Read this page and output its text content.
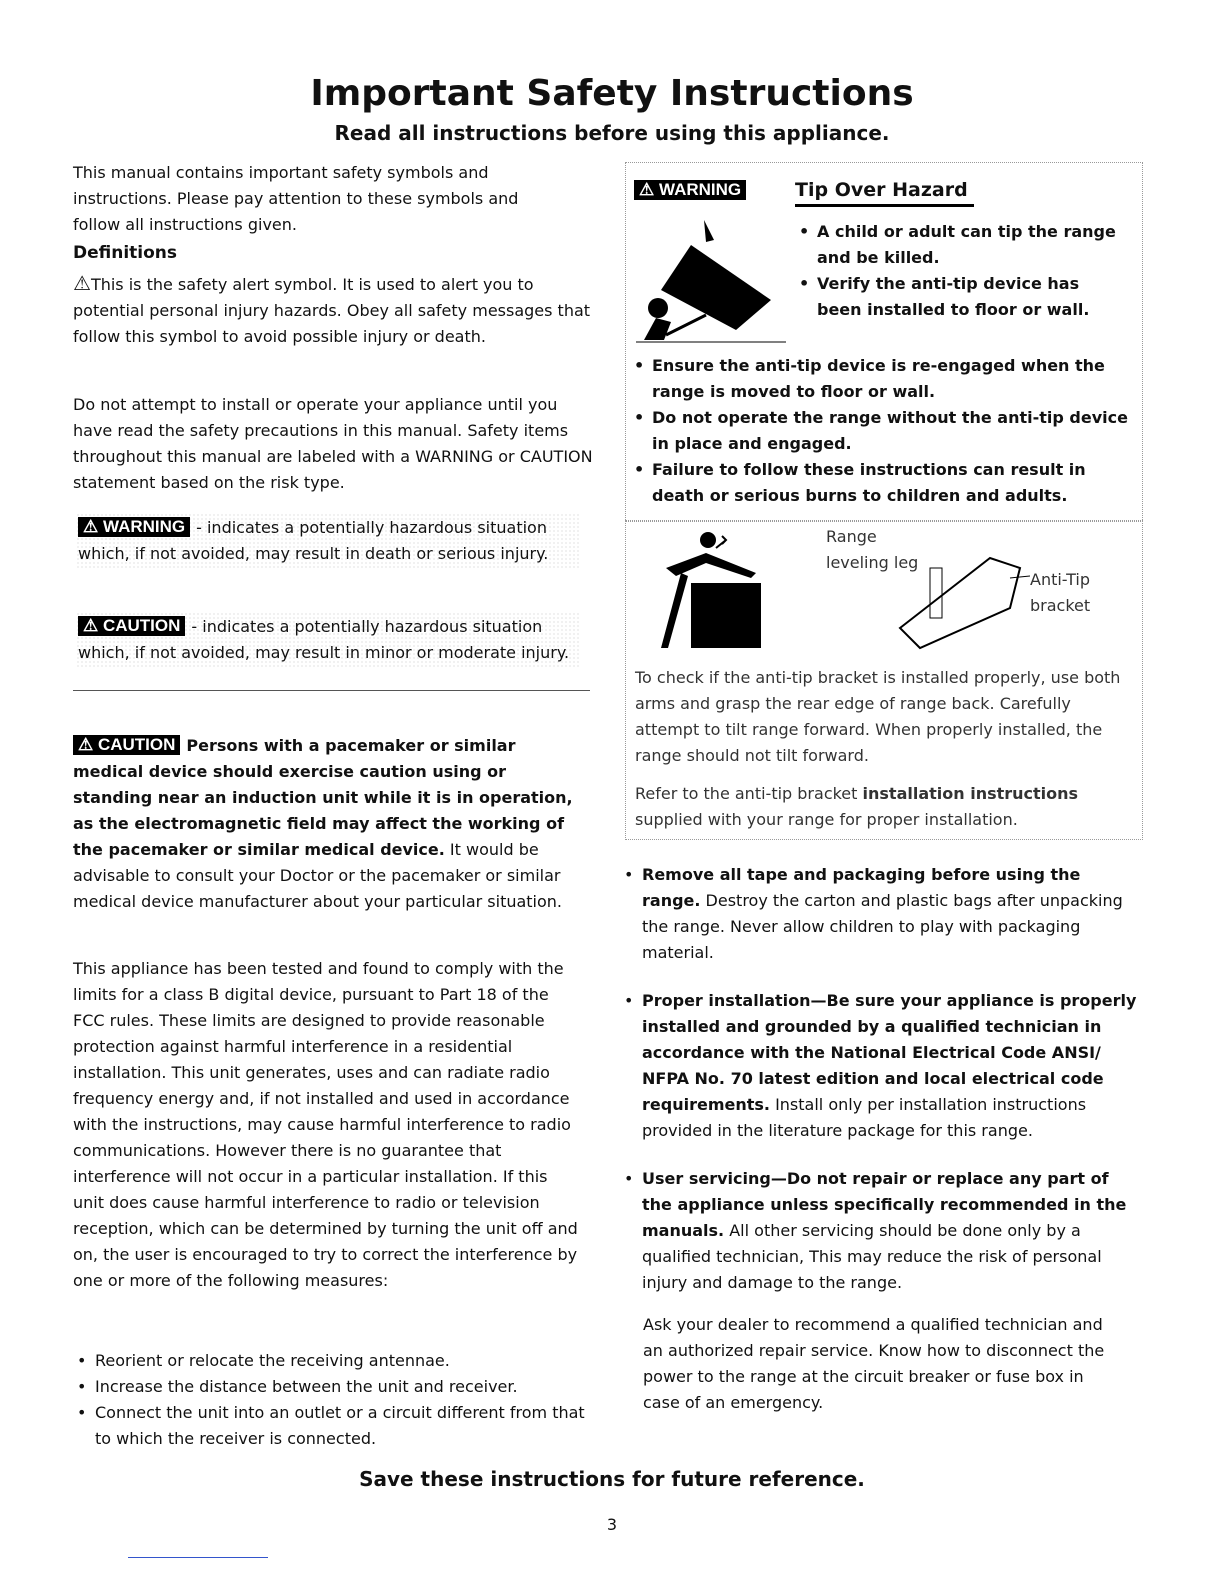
Important Safety Instructions
Read all instructions before using this appliance.

This manual contains important safety symbols and instructions. Please pay attention to these symbols and follow all instructions given.

Definitions

⚠This is the safety alert symbol. It is used to alert you to potential personal injury hazards. Obey all safety messages that follow this symbol to avoid possible injury or death.

Do not attempt to install or operate your appliance until you have read the safety precautions in this manual. Safety items throughout this manual are labeled with a WARNING or CAUTION statement based on the risk type.

⚠ WARNING - indicates a potentially hazardous situation which, if not avoided, may result in death or serious injury.

⚠ CAUTION - indicates a potentially hazardous situation which, if not avoided, may result in minor or moderate injury.

⚠ CAUTION Persons with a pacemaker or similar medical device should exercise caution using or standing near an induction unit while it is in operation, as the electromagnetic field may affect the working of the pacemaker or similar medical device. It would be advisable to consult your Doctor or the pacemaker or similar medical device manufacturer about your particular situation.

This appliance has been tested and found to comply with the limits for a class B digital device, pursuant to Part 18 of the FCC rules. These limits are designed to provide reasonable protection against harmful interference in a residential installation. This unit generates, uses and can radiate radio frequency energy and, if not installed and used in accordance with the instructions, may cause harmful interference to radio communications. However there is no guarantee that interference will not occur in a particular installation. If this unit does cause harmful interference to radio or television reception, which can be determined by turning the unit off and on, the user is encouraged to try to correct the interference by one or more of the following measures:

• Reorient or relocate the receiving antennae.
• Increase the distance between the unit and receiver.
• Connect the unit into an outlet or a circuit different from that to which the receiver is connected.
⚠ WARNING	Tip Over Hazard
• A child or adult can tip the range and be killed.
• Verify the anti-tip device has been installed to floor or wall.
• Ensure the anti-tip device is re-engaged when the range is moved to floor or wall.
• Do not operate the range without the anti-tip device in place and engaged.
• Failure to follow these instructions can result in death or serious burns to children and adults.
Range leveling leg
Anti-Tip bracket

To check if the anti-tip bracket is installed properly, use both arms and grasp the rear edge of range back. Carefully attempt to tilt range forward. When properly installed, the range should not tilt forward.

Refer to the anti-tip bracket installation instructions supplied with your range for proper installation.

• Remove all tape and packaging before using the range. Destroy the carton and plastic bags after unpacking the range. Never allow children to play with packaging material.
• Proper installation—Be sure your appliance is properly installed and grounded by a qualified technician in accordance with the National Electrical Code ANSI/ NFPA No. 70 latest edition and local electrical code requirements. Install only per installation instructions provided in the literature package for this range.
• User servicing—Do not repair or replace any part of the appliance unless specifically recommended in the manuals. All other servicing should be done only by a qualified technician, This may reduce the risk of personal injury and damage to the range.

Ask your dealer to recommend a qualified technician and an authorized repair service. Know how to disconnect the power to the range at the circuit breaker or fuse box in case of an emergency.

Save these instructions for future reference.
3
